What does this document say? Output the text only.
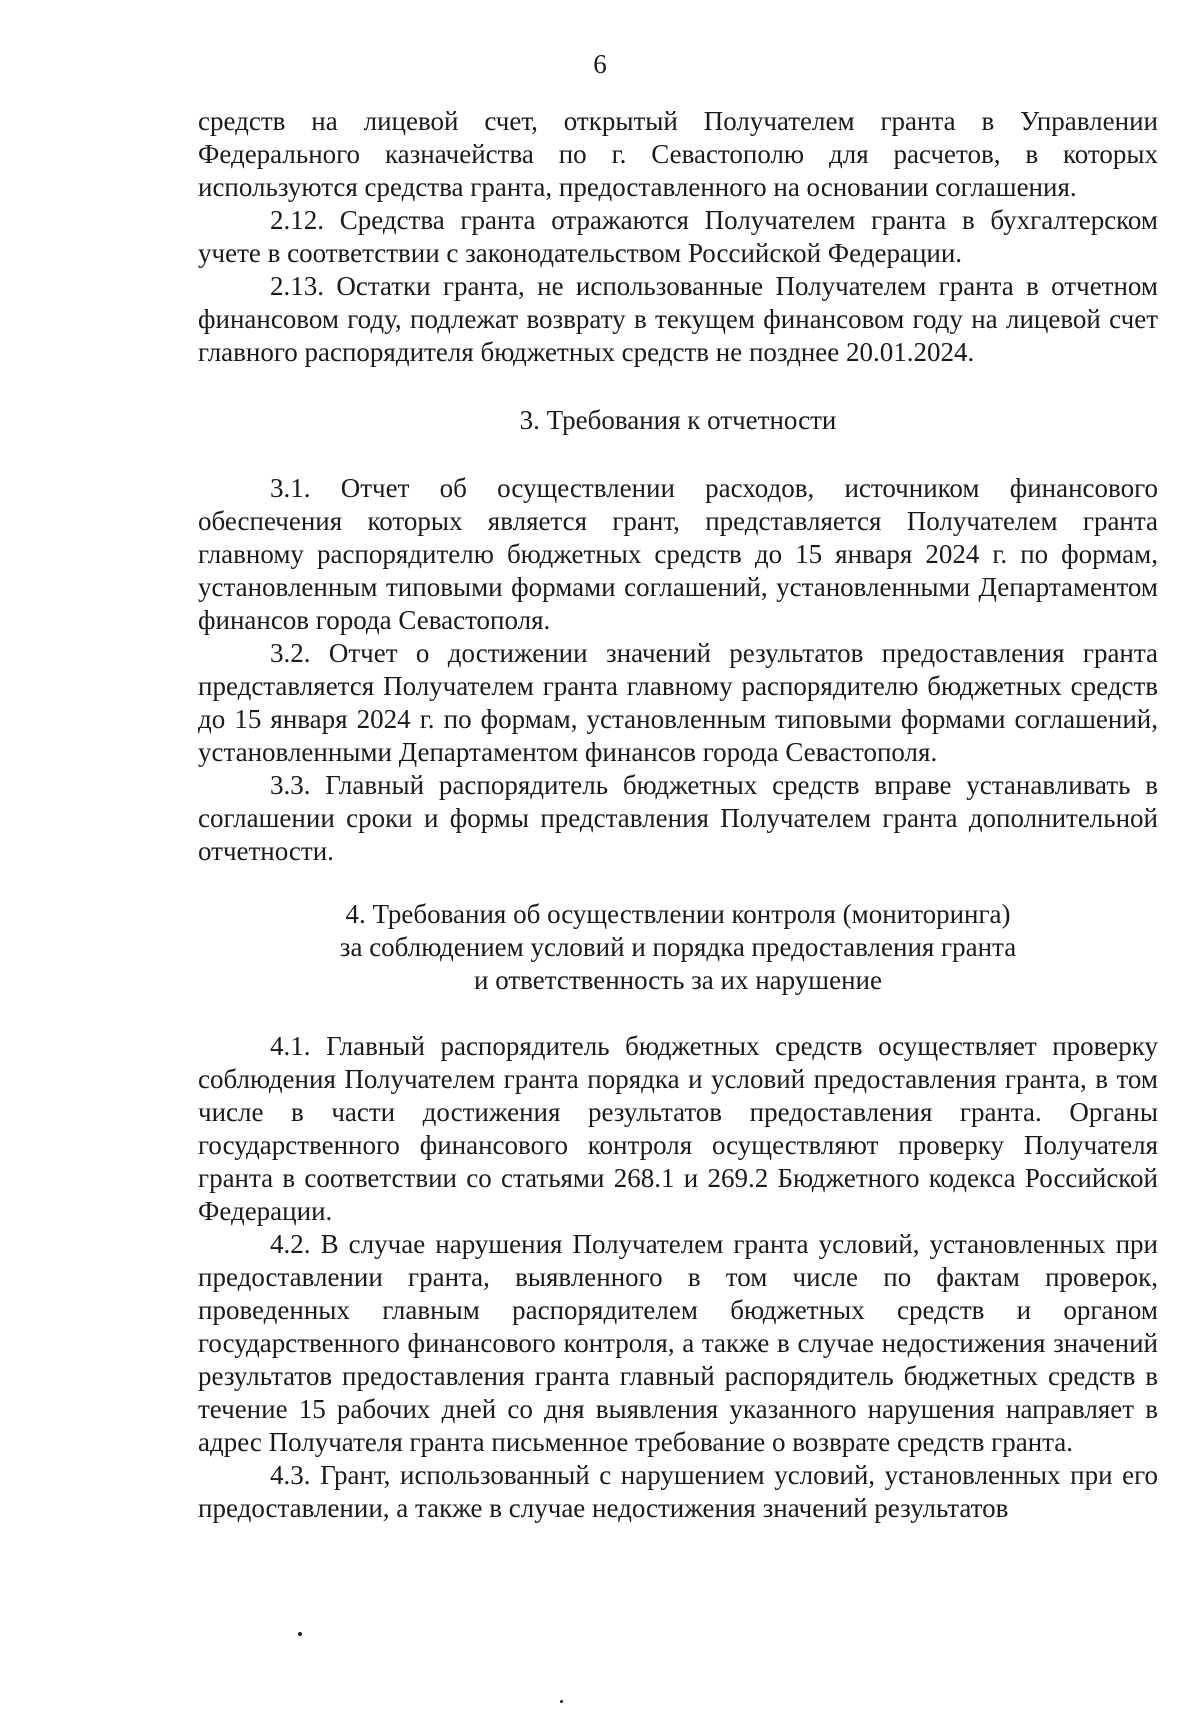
6

средств на лицевой счет, открытый Получателем гранта в Управлении Федерального казначейства по г. Севастополю для расчетов, в которых используются средства гранта, предоставленного на основании соглашения.

2.12. Средства гранта отражаются Получателем гранта в бухгалтерском учете в соответствии с законодательством Российской Федерации.

2.13. Остатки гранта, не использованные Получателем гранта в отчетном финансовом году, подлежат возврату в текущем финансовом году на лицевой счет главного распорядителя бюджетных средств не позднее 20.01.2024.

3. Требования к отчетности

3.1. Отчет об осуществлении расходов, источником финансового обеспечения которых является грант, представляется Получателем гранта главному распорядителю бюджетных средств до 15 января 2024 г. по формам, установленным типовыми формами соглашений, установленными Департаментом финансов города Севастополя.

3.2. Отчет о достижении значений результатов предоставления гранта представляется Получателем гранта главному распорядителю бюджетных средств до 15 января 2024 г. по формам, установленным типовыми формами соглашений, установленными Департаментом финансов города Севастополя.

3.3. Главный распорядитель бюджетных средств вправе устанавливать в соглашении сроки и формы представления Получателем гранта дополнительной отчетности.

4. Требования об осуществлении контроля (мониторинга)
за соблюдением условий и порядка предоставления гранта
и ответственность за их нарушение

4.1. Главный распорядитель бюджетных средств осуществляет проверку соблюдения Получателем гранта порядка и условий предоставления гранта, в том числе в части достижения результатов предоставления гранта. Органы государственного финансового контроля осуществляют проверку Получателя гранта в соответствии со статьями 268.1 и 269.2 Бюджетного кодекса Российской Федерации.

4.2. В случае нарушения Получателем гранта условий, установленных при предоставлении гранта, выявленного в том числе по фактам проверок, проведенных главным распорядителем бюджетных средств и органом государственного финансового контроля, а также в случае недостижения значений результатов предоставления гранта главный распорядитель бюджетных средств в течение 15 рабочих дней со дня выявления указанного нарушения направляет в адрес Получателя гранта письменное требование о возврате средств гранта.

4.3. Грант, использованный с нарушением условий, установленных при его предоставлении, а также в случае недостижения значений результатов
